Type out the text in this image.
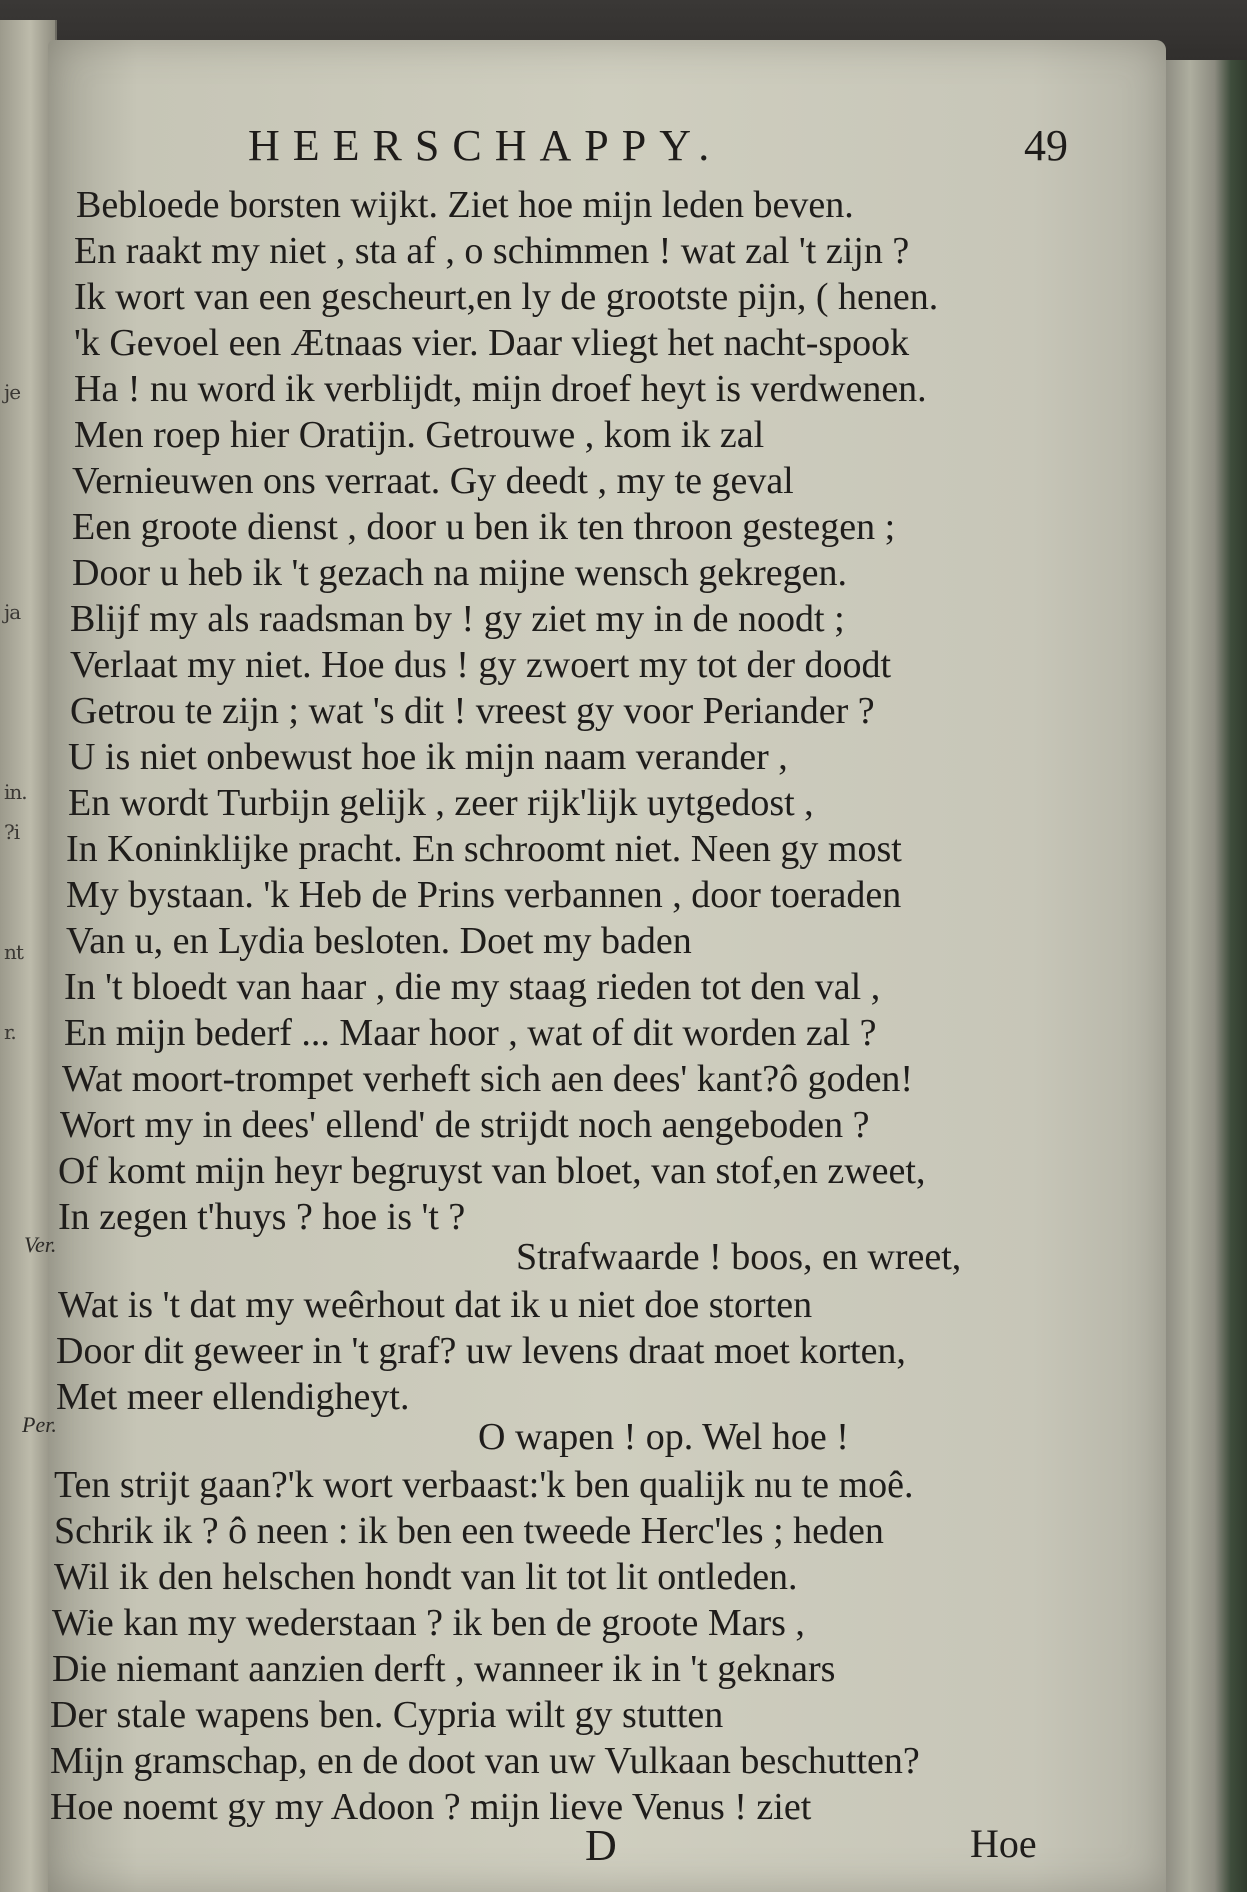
ja
in.
nt
je
?i
r.
HEERSCHAPPY.	49
Bebloede borsten wijkt. Ziet hoe mijn leden beven.
En raakt my niet , sta af , o schimmen ! wat zal 't zijn ?
Ik wort van een gescheurt,en ly de grootste pijn, ( henen.
'k Gevoel een Ætnaas vier. Daar vliegt het nacht-spook
Ha ! nu word ik verblijdt, mijn droef heyt is verdwenen.
Men roep hier Oratijn. Getrouwe , kom ik zal
Vernieuwen ons verraat. Gy deedt , my te geval
Een groote dienst , door u ben ik ten throon gestegen ;
Door u heb ik 't gezach na mijne wensch gekregen.
Blijf my als raadsman by ! gy ziet my in de noodt ;
Verlaat my niet. Hoe dus ! gy zwoert my tot der doodt
Getrou te zijn ; wat 's dit ! vreest gy voor Periander ?
U is niet onbewust hoe ik mijn naam verander ,
En wordt Turbijn gelijk , zeer rijk'lijk uytgedost ,
In Koninklijke pracht. En schroomt niet. Neen gy most
My bystaan. 'k Heb de Prins verbannen , door toeraden
Van u, en Lydia besloten. Doet my baden
In 't bloedt van haar , die my staag rieden tot den val ,
En mijn bederf ... Maar hoor , wat of dit worden zal ?
Wat moort-trompet verheft sich aen dees' kant?ô goden!
Wort my in dees' ellend' de strijdt noch aengeboden ?
Of komt mijn heyr begruyst van bloet, van stof,en zweet,
In zegen t'huys ? hoe is 't ?
Ver.	Strafwaarde ! boos, en wreet,
Wat is 't dat my weêrhout dat ik u niet doe storten
Door dit geweer in 't graf? uw levens draat moet korten,
Met meer ellendigheyt.
Per.	O wapen ! op. Wel hoe !
Ten strijt gaan?'k wort verbaast:'k ben qualijk nu te moê.
Schrik ik ? ô neen : ik ben een tweede Herc'les ; heden
Wil ik den helschen hondt van lit tot lit ontleden.
Wie kan my wederstaan ? ik ben de groote Mars ,
Die niemant aanzien derft , wanneer ik in 't geknars
Der stale wapens ben. Cypria wilt gy stutten
Mijn gramschap, en de doot van uw Vulkaan beschutten?
Hoe noemt gy my Adoon ? mijn lieve Venus ! ziet
D	Hoe
